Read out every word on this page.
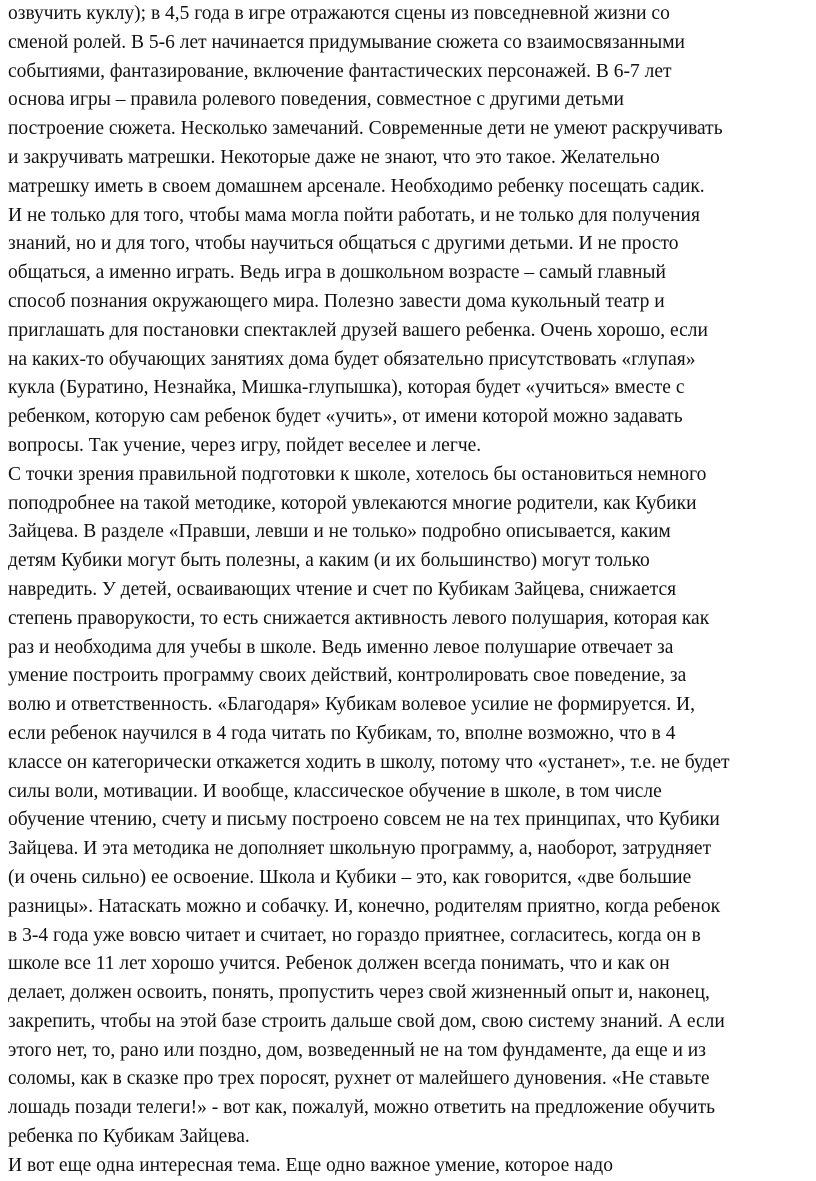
озвучить куклу); в 4,5 года в игре отражаются сцены из повседневной жизни со
сменой ролей. В 5-6 лет начинается придумывание сюжета со взаимосвязанными
событиями, фантазирование, включение фантастических персонажей. В 6-7 лет
основа игры – правила ролевого поведения, совместное с другими детьми
построение сюжета. Несколько замечаний. Современные дети не умеют раскручивать
и закручивать матрешки. Некоторые даже не знают, что это такое. Желательно
матрешку иметь в своем домашнем арсенале. Необходимо ребенку посещать садик.
И не только для того, чтобы мама могла пойти работать, и не только для получения
знаний, но и для того, чтобы научиться общаться с другими детьми. И не просто
общаться, а именно играть. Ведь игра в дошкольном возрасте – самый главный
способ познания окружающего мира. Полезно завести дома кукольный театр и
приглашать для постановки спектаклей друзей вашего ребенка. Очень хорошо, если
на каких-то обучающих занятиях дома будет обязательно присутствовать «глупая»
кукла (Буратино, Незнайка, Мишка-глупышка), которая будет «учиться» вместе с
ребенком, которую сам ребенок будет «учить», от имени которой можно задавать
вопросы. Так учение, через игру, пойдет веселее и легче.
С точки зрения правильной подготовки к школе, хотелось бы остановиться немного
поподробнее на такой методике, которой увлекаются многие родители, как Кубики
Зайцева. В разделе «Правши, левши и не только» подробно описывается, каким
детям Кубики могут быть полезны, а каким (и их большинство) могут только
навредить. У детей, осваивающих чтение и счет по Кубикам Зайцева, снижается
степень праворукости, то есть снижается активность левого полушария, которая как
раз и необходима для учебы в школе. Ведь именно левое полушарие отвечает за
умение построить программу своих действий, контролировать свое поведение, за
волю и ответственность. «Благодаря» Кубикам волевое усилие не формируется. И,
если ребенок научился в 4 года читать по Кубикам, то, вполне возможно, что в 4
классе он категорически откажется ходить в школу, потому что «устанет», т.е. не будет
силы воли, мотивации. И вообще, классическое обучение в школе, в том числе
обучение чтению, счету и письму построено совсем не на тех принципах, что Кубики
Зайцева. И эта методика не дополняет школьную программу, а, наоборот, затрудняет
(и очень сильно) ее освоение. Школа и Кубики – это, как говорится, «две большие
разницы». Натаскать можно и собачку. И, конечно, родителям приятно, когда ребенок
в 3-4 года уже вовсю читает и считает, но гораздо приятнее, согласитесь, когда он в
школе все 11 лет хорошо учится. Ребенок должен всегда понимать, что и как он
делает, должен освоить, понять, пропустить через свой жизненный опыт и, наконец,
закрепить, чтобы на этой базе строить дальше свой дом, свою систему знаний. А если
этого нет, то, рано или поздно, дом, возведенный не на том фундаменте, да еще и из
соломы, как в сказке про трех поросят, рухнет от малейшего дуновения. «Не ставьте
лошадь позади телеги!» - вот как, пожалуй, можно ответить на предложение обучить
ребенка по Кубикам Зайцева.
И вот еще одна интересная тема. Еще одно важное умение, которое надо
